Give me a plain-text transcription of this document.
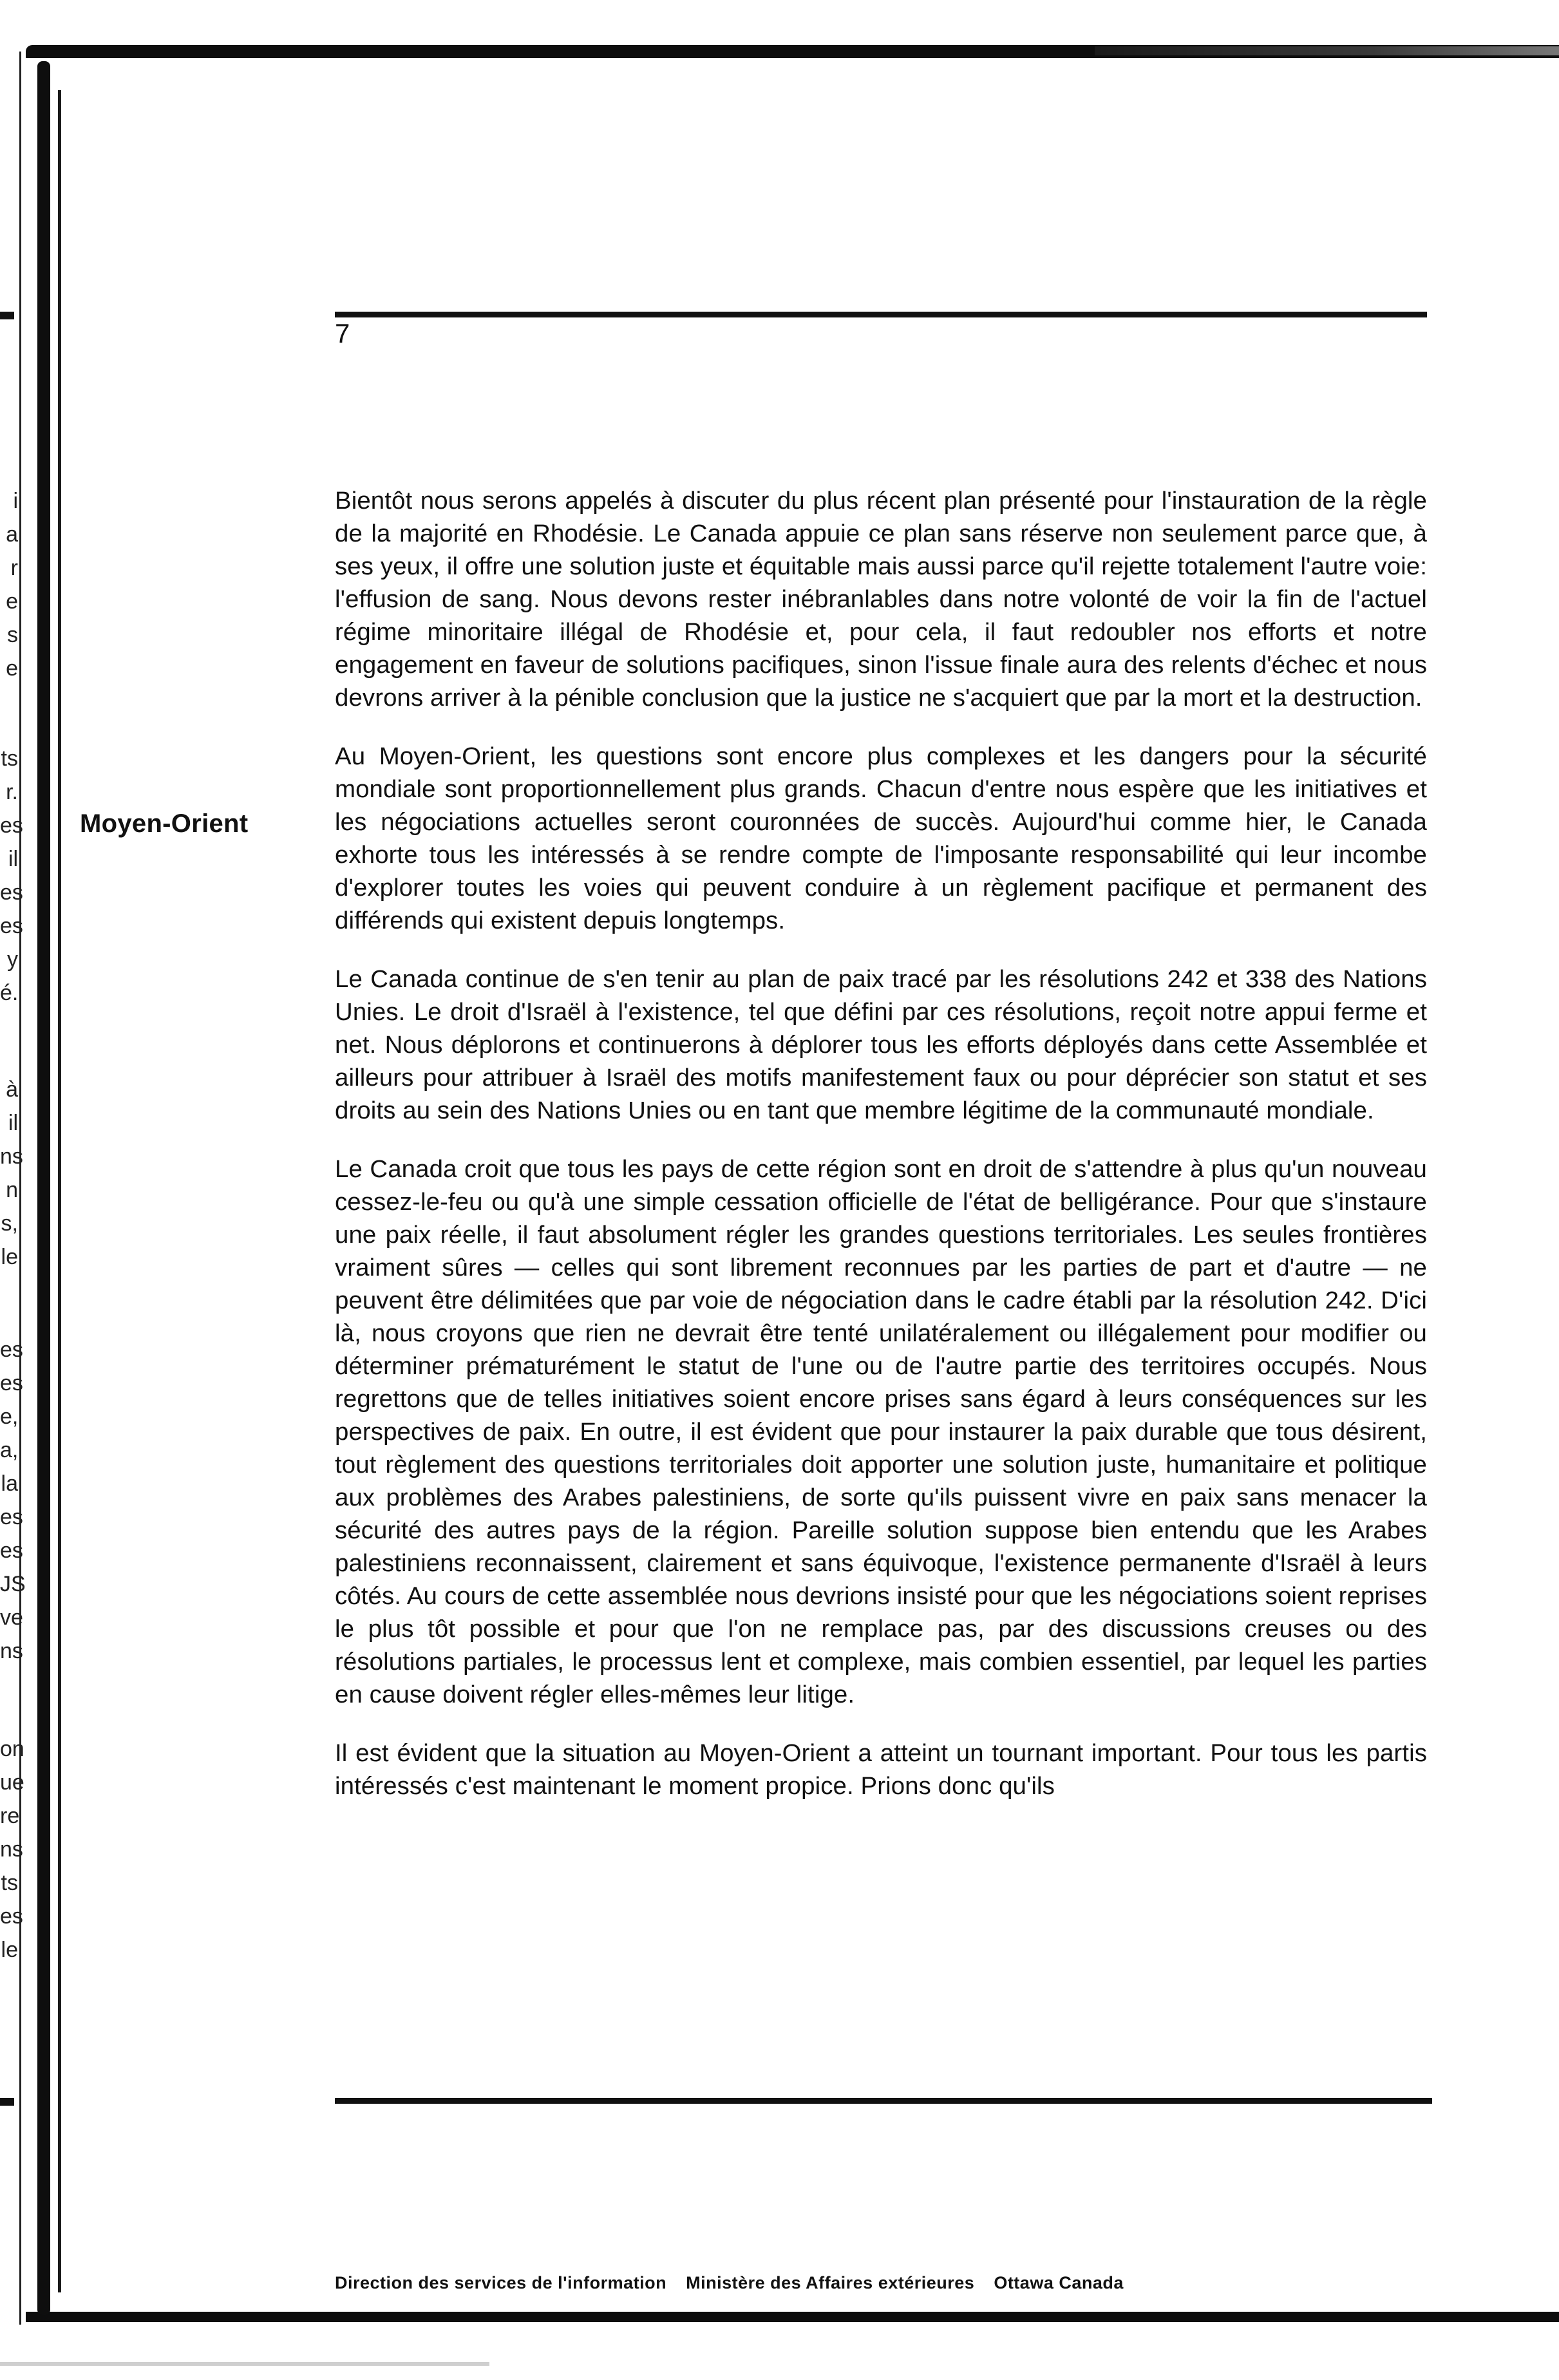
i
a
r
e
s
e
ts
r.
es
il
es
es
y
é.
à
il
ns
n
s,
le
es
es
e,
a,
la
es
es
JS
ve
ns
on
ue
re
ns
ts
es
le
7
Moyen-Orient

Bientôt nous serons appelés à discuter du plus récent plan présenté pour l'instauration de la règle de la majorité en Rhodésie. Le Canada appuie ce plan sans réserve non seulement parce que, à ses yeux, il offre une solution juste et équitable mais aussi parce qu'il rejette totalement l'autre voie: l'effusion de sang. Nous devons rester inébranlables dans notre volonté de voir la fin de l'actuel régime minoritaire illégal de Rhodésie et, pour cela, il faut redoubler nos efforts et notre engagement en faveur de solutions pacifiques, sinon l'issue finale aura des relents d'échec et nous devrons arriver à la pénible conclusion que la justice ne s'acquiert que par la mort et la destruction.

Au Moyen-Orient, les questions sont encore plus complexes et les dangers pour la sécurité mondiale sont proportionnellement plus grands. Chacun d'entre nous espère que les initiatives et les négociations actuelles seront couronnées de succès. Aujourd'hui comme hier, le Canada exhorte tous les intéressés à se rendre compte de l'imposante responsabilité qui leur incombe d'explorer toutes les voies qui peuvent conduire à un règlement pacifique et permanent des différends qui existent depuis longtemps.

Le Canada continue de s'en tenir au plan de paix tracé par les résolutions 242 et 338 des Nations Unies. Le droit d'Israël à l'existence, tel que défini par ces résolutions, reçoit notre appui ferme et net. Nous déplorons et continuerons à déplorer tous les efforts déployés dans cette Assemblée et ailleurs pour attribuer à Israël des motifs manifestement faux ou pour déprécier son statut et ses droits au sein des Nations Unies ou en tant que membre légitime de la communauté mondiale.

Le Canada croit que tous les pays de cette région sont en droit de s'attendre à plus qu'un nouveau cessez-le-feu ou qu'à une simple cessation officielle de l'état de belligérance. Pour que s'instaure une paix réelle, il faut absolument régler les grandes questions territoriales. Les seules frontières vraiment sûres — celles qui sont librement reconnues par les parties de part et d'autre — ne peuvent être délimitées que par voie de négociation dans le cadre établi par la résolution 242. D'ici là, nous croyons que rien ne devrait être tenté unilatéralement ou illégalement pour modifier ou déterminer prématurément le statut de l'une ou de l'autre partie des territoires occupés. Nous regrettons que de telles initiatives soient encore prises sans égard à leurs conséquences sur les perspectives de paix. En outre, il est évident que pour instaurer la paix durable que tous désirent, tout règlement des questions territoriales doit apporter une solution juste, humanitaire et politique aux problèmes des Arabes palestiniens, de sorte qu'ils puissent vivre en paix sans menacer la sécurité des autres pays de la région. Pareille solution suppose bien entendu que les Arabes palestiniens reconnaissent, clairement et sans équivoque, l'existence permanente d'Israël à leurs côtés. Au cours de cette assemblée nous devrions insisté pour que les négociations soient reprises le plus tôt possible et pour que l'on ne remplace pas, par des discussions creuses ou des résolutions partiales, le processus lent et complexe, mais combien essentiel, par lequel les parties en cause doivent régler elles-mêmes leur litige.

Il est évident que la situation au Moyen-Orient a atteint un tournant important. Pour tous les partis intéressés c'est maintenant le moment propice. Prions donc qu'ils

Direction des services de l'information Ministère des Affaires extérieures Ottawa Canada
